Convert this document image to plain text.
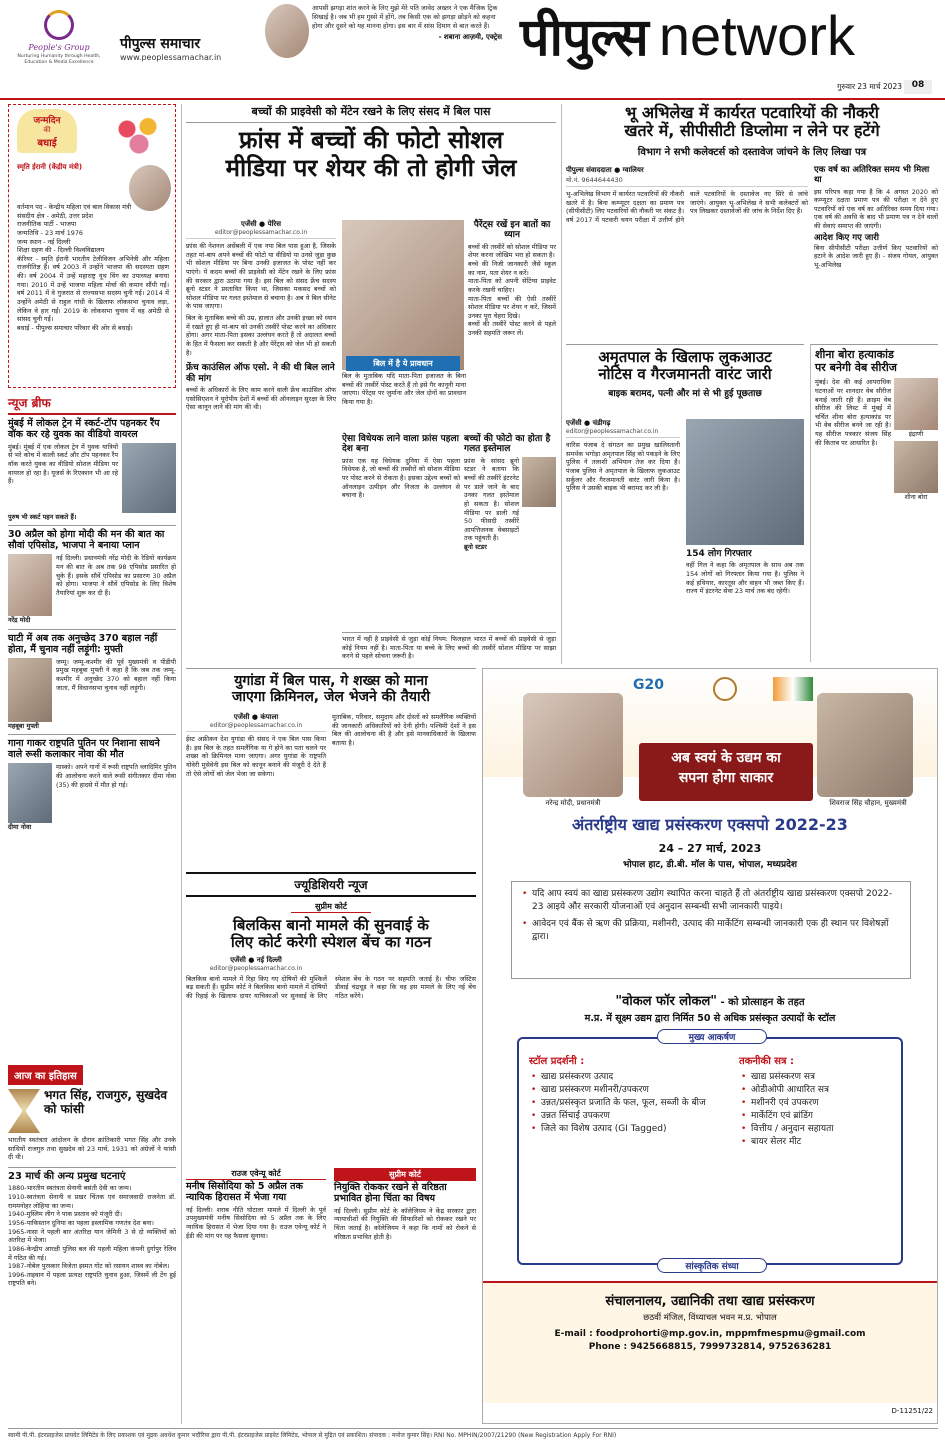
People's Group
Nurturing Humanity through Health, Education & Media Excellence
पीपुल्स समाचार
www.peoplessamachar.in
आपसी झगड़ा शांत करने के लिए मुझे मेरे पति जावेद अख्तर ने एक मैजिक ट्रिक सिखाई है। जब भी हम गुस्से में होंगे, तब किसी एक को झगड़ा छोड़ने को कहना होगा और दूसरे को यह मानना होगा। इस बार में सांस दिमाग से बात करते हैं।
- शबाना आज़मी, एक्ट्रेस पीपुल्स network
गुरुवार 23 मार्च 2023	08
जन्मदिन
की
बधाई
स्मृति ईरानी (केंद्रीय मंत्री)
वर्तमान पद - केन्द्रीय महिला एवं बाल विकास मंत्री
संसदीय क्षेत्र - अमेठी, उत्तर प्रदेश
राजनीतिक पार्टी - भाजपा
जन्मतिथि - 23 मार्च 1976
जन्म स्थान - नई दिल्ली
शिक्षा ग्रहण की - दिल्ली विश्वविद्यालय
कॅरियर - स्मृति ईरानी भारतीय टेलीविजन अभिनेत्री और महिला राजनीतिज्ञ हैं। वर्ष 2003 में उन्होंने भाजपा की सदस्यता ग्रहण की। वर्ष 2004 में उन्हें महाराष्ट्र यूथ विंग का उपाध्यक्ष बनाया गया। 2010 में उन्हें भाजपा महिला मोर्चा की कमान सौंपी गई। वर्ष 2011 में वे गुजरात से राज्यसभा सदस्य चुनी गईं। 2014 में उन्होंने अमेठी से राहुल गांधी के खिलाफ लोकसभा चुनाव लड़ा, लेकिन वे हार गईं। 2019 के लोकसभा चुनाव में वह अमेठी से सांसद चुनी गईं।
बधाई - पीपुल्स समाचार परिवार की ओर से बधाई।
न्यूज ब्रीफ
मुंबई में लोकल ट्रेन में स्कर्ट-टॉप पहनकर रैंप वॉक कर रहे युवक का वीडियो वायरल
मुंबई। मुंबई में एक लोकल ट्रेन में युवक यात्रियों से भरे कोच में काली स्कर्ट और टॉप पहनकर रैंप वॉक करते युवक का वीडियो सोशल मीडिया पर वायरल हो रहा है। यूजर्स के रिएक्शन भी आ रहे हैं।
पुरुष भी स्कर्ट पहन सकते हैं।
30 अप्रैल को होगा मोदी की मन की बात का सौवां एपिसोड, भाजपा ने बनाया प्लान
नई दिल्ली। प्रधानमंत्री नरेंद्र मोदी के रेडियो कार्यक्रम मन की बात के अब तक 98 एपिसोड प्रसारित हो चुके हैं। इसके सौवें एपिसोड का प्रसारण 30 अप्रैल को होगा। भाजपा ने सौवें एपिसोड के लिए विशेष तैयारियां शुरू कर दी हैं।
नरेंद्र मोदी
घाटी में अब तक अनुच्छेद 370 बहाल नहीं होता, मैं चुनाव नहीं लड़ूंगी: मुफ्ती
जम्मू। जम्मू-कश्मीर की पूर्व मुख्यमंत्री व पीडीपी प्रमुख महबूबा मुफ्ती ने कहा है कि जब तक जम्मू-कश्मीर में अनुच्छेद 370 को बहाल नहीं किया जाता, मैं विधानसभा चुनाव नहीं लड़ूंगी।
महबूबा मुफ्ती
गाना गाकर राष्ट्रपति पुतिन पर निशाना साधने वाले रूसी कलाकार नोवा की मौत
मास्को। अपने गानों में रूसी राष्ट्रपति व्लादिमिर पुतिन की आलोचना करने वाले रूसी संगीतकार दीमा नोवा (35) की हादसे में मौत हो गई।
दीमा नोवा
आज का इतिहास
भगत सिंह, राजगुरु, सुखदेव को फांसी
भारतीय स्वतंत्रता आंदोलन के दौरान क्रांतिकारी भगत सिंह और उनके साथियों राजगुरु तथा सुखदेव को 23 मार्च, 1931 को अंग्रेजों ने फांसी दी थी।
23 मार्च की अन्य प्रमुख घटनाएं
1880-भारतीय स्वतंत्रता सेनानी बसंती देवी का जन्म।
1910-स्वतंत्रता सेनानी व प्रखर चिंतक एवं समाजवादी राजनेता डॉ. राममनोहर लोहिया का जन्म।
1940-मुस्लिम लीग ने पाक प्रस्ताव को मंजूरी दी।
1956-पाकिस्तान दुनिया का पहला इस्लामिक गणतंत्र देश बना।
1965-नासा ने पहली बार अंतरिक्ष यान जेमिनी 3 से दो व्यक्तियों को अंतरिक्ष में भेजा।
1986-केन्द्रीय आरक्षी पुलिस बल की पहली महिला कंपनी दुर्गापुर रेलिव में गठित की गई।
1987-नोबेल पुरस्कार विजेता इस्मत गोट को रसायन शास्त्र का नोबेल।
1996-ताइवान में पहला प्रत्यक्ष राष्ट्रपति चुनाव हुआ, जिसमें ली टेंग हुई राष्ट्रपति बने।
बच्चों की प्राइवेसी को मेंटेन रखने के लिए संसद में बिल पास
फ्रांस में बच्चों की फोटो सोशल
मीडिया पर शेयर की तो होगी जेल
एजेंसी ● पेरिस
editor@peoplessamachar.co.in
फ्रांस की नेशनल असेंबली में एक नया बिल पास हुआ है, जिसके तहत मां-बाप अपने बच्चों की फोटो या वीडियो या उनसे जुड़ा कुछ भी सोशल मीडिया पर बिना उनकी इजाजत के पोस्ट नहीं कर पाएंगे। ये कदम बच्चों की प्राइवेसी को मेंटेन रखने के लिए फ्रांस की सरकार द्वारा उठाया गया है। इस बिल को संसद फ्रेंच सदस्य ब्रूनो स्टडर ने प्रस्तावित किया था, जिसका मकसद बच्चों को सोशल मीडिया पर गलत इस्तेमाल से बचाना है। अब ये बिल सीनेट के पास जाएगा।
बिल के मुताबिक बच्चे की उम्र, हालात और उनकी इच्छा को ध्यान में रखते हुए ही मां-बाप को उनकी तस्वीरें पोस्ट करने का अधिकार होगा। अगर माता-पिता इसका उल्लंघन करते हैं तो अदालत बच्चों के हित में फैसला कर सकती है और पेरेंट्स को जेल भी हो सकती है।
फ्रेंच काउंसिल ऑफ एसो. ने की थी बिल लाने की मांग
बच्चों के अधिकारों के लिए काम करने वाली फ्रेंच काउंसिल ऑफ एसोसिएशन ने यूरोपीय देशों में बच्चों की ऑनलाइन सुरक्षा के लिए ऐसा कानून लाने की मांग की थी।
बिल में है ये प्रावधान
पैरेंट्स रखें इन बातों का ध्यान
बच्चों की तस्वीरें को सोशल मीडिया पर शेयर करना जोखिम भरा हो सकता है।
बच्चे की निजी जानकारी जैसे स्कूल का नाम, पता शेयर न करें।
माता-पिता को अपनी सेटिंग्स प्राइवेट करके रखनी चाहिए।
माता-पिता बच्चों की ऐसी तस्वीरें सोशल मीडिया पर शेयर न करें, जिसमें उनका पूरा चेहरा दिखे।
बच्चों की तस्वीरें पोस्ट करने से पहले उनकी सहमति जरूर लें।
बिल के मुताबिक यदि माता-पिता इजाजत के बिना बच्चों की तस्वीरें पोस्ट करते हैं तो इसे गैर कानूनी माना जाएगा। पेरेंट्स पर जुर्माना और जेल दोनों का प्रावधान किया गया है।
ऐसा विधेयक लाने वाला फ्रांस पहला देश बना
फ्रांस एक यह विधेयक दुनिया में ऐसा पहला विधेयक है, जो बच्चों की तस्वीरों को सोशल मीडिया पर पोस्ट करने से रोकता है। इसका उद्देश्य बच्चों को ऑनलाइन उत्पीड़न और निजता के उल्लंघन से बचाना है।
बच्चों की फोटो का होता है गलत इस्तेमाल
फ्रांस के सांसद ब्रूनो स्टडर ने बताया कि बच्चों की तस्वीरें इंटरनेट पर डाले जाने के बाद उनका गलत इस्तेमाल हो सकता है। सोशल मीडिया पर डाली गई 50 फीसदी तस्वीरें आपत्तिजनक वेबसाइटों तक पहुंचती हैं।
ब्रूनो स्टडर
भारत में नहीं है प्राइवेसी से जुड़ा कोई नियम: फिलहाल भारत में बच्चों की प्राइवेसी से जुड़ा कोई नियम नहीं है। माता-पिता या बच्चे के लिए बच्चों की तस्वीरें सोशल मीडिया पर साझा करने से पहले सोचना जरूरी है।
भू अभिलेख में कार्यरत पटवारियों की नौकरी
खतरे में, सीपीसीटी डिप्लोमा न लेने पर हटेंगे
विभाग ने सभी कलेक्टर्स को दस्तावेज जांचने के लिए लिखा पत्र
पीपुल्स संवाददाता ● ग्वालियर
मो.नं. 9644644430
भू-अभिलेख विभाग में कार्यरत पटवारियों की नौकरी खतरे में है। बिना कम्प्यूटर दक्षता का प्रमाण पत्र (सीपीसीटी) लिए पटवारियों की नौकरी पर संकट है। वर्ष 2017 में पटवारी चयन परीक्षा में उत्तीर्ण होने वाले पटवारियों के दस्तावेज नए सिरे से जांचे जाएंगे। आयुक्त भू-अभिलेख ने सभी कलेक्टरों को पत्र लिखकर दस्तावेजों की जांच के निर्देश दिए हैं।
एक वर्ष का अतिरिक्त समय भी मिला था
इस परिपत्र कहा गया है कि 4 अगस्त 2020 को कम्प्यूटर दक्षता प्रमाण पत्र की परीक्षा न देने हुए पटवारियों को एक वर्ष का अतिरिक्त समय दिया गया। एक वर्ष की अवधि के बाद भी प्रमाण पत्र न देने वालों की सेवाएं समाप्त की जाएंगी।
आदेश किए गए जारी
बिना सीपीसीटी परीक्षा उत्तीर्ण किए पटवारियों को हटाने के आदेश जारी हुए हैं। - संजय गोयल, आयुक्त भू-अभिलेख
अमृतपाल के खिलाफ लुकआउट
नोटिस व गैरजमानती वारंट जारी
बाइक बरामद, पत्नी और मां से भी हुई पूछताछ
एजेंसी ● चंडीगढ़
editor@peoplessamachar.co.in
वारिस पंजाब दे संगठन का प्रमुख खालिस्तानी समर्थक भगोड़ा अमृतपाल सिंह को पकड़ने के लिए पुलिस ने तलाशी अभियान तेज कर दिया है। पंजाब पुलिस ने अमृतपाल के खिलाफ लुकआउट सर्कुलर और गैरजमानती वारंट जारी किया है। पुलिस ने उसकी बाइक भी बरामद कर ली है।
154 लोग गिरफ्तार
वहीं गिल ने कहा कि अमृतपाल के साथ अब तक 154 लोगों को गिरफ्तार किया गया है। पुलिस ने कई हथियार, कारतूस और वाहन भी जब्त किए हैं। राज्य में इंटरनेट सेवा 23 मार्च तक बंद रहेगी।
शीना बोरा हत्याकांड
पर बनेगी वेब सीरीज
मुंबई। देश की कई आपराधिक घटनाओं पर शानदार वेब सीरीज बनाई जाती रही हैं। क्राइम वेब सीरीज की लिस्ट में मुंबई में चर्चित शीना बोरा हत्याकांड पर भी वेब सीरीज बनने जा रही है। यह सीरीज पत्रकार संजय सिंह की किताब पर आधारित है।
इंद्राणी
शीना बोरा
युगांडा में बिल पास, गे शख्स को माना
जाएगा क्रिमिनल, जेल भेजने की तैयारी
एजेंसी ● कंपाला
editor@peoplessamachar.co.in
ईस्ट अफ्रीकन देश युगांडा की संसद ने एक बिल पास किया है। इस बिल के तहत समलैंगिक या गे होने का पता चलने पर शख्स को क्रिमिनल माना जाएगा। अगर युगांडा के राष्ट्रपति योवेरी मुसेवेनी इस बिल को कानून बनाने की मंजूरी दे देते हैं तो ऐसे लोगों को जेल भेजा जा सकेगा।
मुताबिक, परिवार, समुदाय और दोस्तों को समलैंगिक व्यक्तियों की जानकारी अधिकारियों को देनी होगी। पश्चिमी देशों ने इस बिल की आलोचना की है और इसे मानवाधिकारों के खिलाफ बताया है।
ज्यूडिशियरी न्यूज
सुप्रीम कोर्ट
बिलकिस बानो मामले की सुनवाई के
लिए कोर्ट करेगी स्पेशल बेंच का गठन
एजेंसी ● नई दिल्ली
editor@peoplessamachar.co.in
बिलकिस बानो मामले में रिहा किए गए दोषियों की मुश्किलें बढ़ सकती हैं। सुप्रीम कोर्ट ने बिलकिस बानो मामले में दोषियों की रिहाई के खिलाफ दायर याचिकाओं पर सुनवाई के लिए स्पेशल बेंच के गठन पर सहमति जताई है। चीफ जस्टिस डीवाई चंद्रचूड़ ने कहा कि वह इस मामले के लिए नई बेंच गठित करेंगे।
राउज एवेन्यू कोर्ट
मनीष सिसोदिया को 5 अप्रैल तक न्यायिक हिरासत में भेजा गया
नई दिल्ली। शराब नीति घोटाला मामले में दिल्ली के पूर्व उपमुख्यमंत्री मनीष सिसोदिया को 5 अप्रैल तक के लिए न्यायिक हिरासत में भेजा दिया गया है। राउज एवेन्यू कोर्ट ने ईडी की मांग पर यह फैसला सुनाया।
सुप्रीम कोर्ट
नियुक्ति रोककर रखने से वरिष्ठता प्रभावित होना चिंता का विषय
नई दिल्ली। सुप्रीम कोर्ट के कॉलेजियम ने केंद्र सरकार द्वारा न्यायाधीशों की नियुक्ति की सिफारिशों को रोककर रखने पर चिंता जताई है। कॉलेजियम ने कहा कि नामों को रोकने से वरिष्ठता प्रभावित होती है।
G20
नरेन्द्र मोदी, प्रधानमंत्री	शिवराज सिंह चौहान, मुख्यमंत्री
अब स्वयं के उद्यम का
सपना होगा साकार
अंतर्राष्ट्रीय खाद्य प्रसंस्करण एक्सपो 2022-23
24 – 27 मार्च, 2023
भोपाल हाट, डी.बी. मॉल के पास, भोपाल, मध्यप्रदेश
• यदि आप स्वयं का खाद्य प्रसंस्करण उद्योग स्थापित करना चाहते हैं तो अंतर्राष्ट्रीय खाद्य प्रसंस्करण एक्सपो 2022-23 आइये और सरकारी योजनाओं एवं अनुदान सम्बन्धी सभी जानकारी पाइये।
• आवेदन एवं बैंक से ऋण की प्रक्रिया, मशीनरी, उत्पाद की मार्केटिंग सम्बन्धी जानकारी एक ही स्थान पर विशेषज्ञों द्वारा।
"वोकल फॉर लोकल" - को प्रोत्साहन के तहत
म.प्र. में सूक्ष्म उद्यम द्वारा निर्मित 50 से अधिक प्रसंस्कृत उत्पादों के स्टॉल
मुख्य आकर्षण
स्टॉल प्रदर्शनी :
• खाद्य प्रसंस्करण उत्पाद
• खाद्य प्रसंस्करण मशीनरी/उपकरण
• उन्नत/प्रसंस्कृत प्रजाति के फल, फूल, सब्जी के बीज
• उन्नत सिंचाई उपकरण
• जिले का विशेष उत्पाद (GI Tagged)
तकनीकी सत्र :
• खाद्य प्रसंस्करण सत्र
• ओडीओपी आधारित सत्र
• मशीनरी एवं उपकरण
• मार्केटिंग एवं ब्रांडिंग
• वित्तीय / अनुदान सहायता
• बायर सेलर मीट
सांस्कृतिक संध्या
संचालनालय, उद्यानिकी तथा खाद्य प्रसंस्करण
छठवीं मंजिल, विंध्याचल भवन म.प्र. भोपाल
E-mail : foodprohorti@mp.gov.in, mppmfmespmu@gmail.com
Phone : 9425668815, 7999732814, 9752636281
D-11251/22
स्वामी पी.पी. इंटरप्राइजेस प्रायवेट लिमिटेड के लिए प्रकाशक एवं मुद्रक अवधेश कुमार भदौरिया द्वारा पी.पी. इंटरप्राइजेस प्राइवेट लिमिटेड, भोपाल से मुद्रित एवं प्रकाशित। संपादक : मनोज कुमार सिंह। RNI No. MPHIN/2007/21290 (New Registration Apply For RNI)
